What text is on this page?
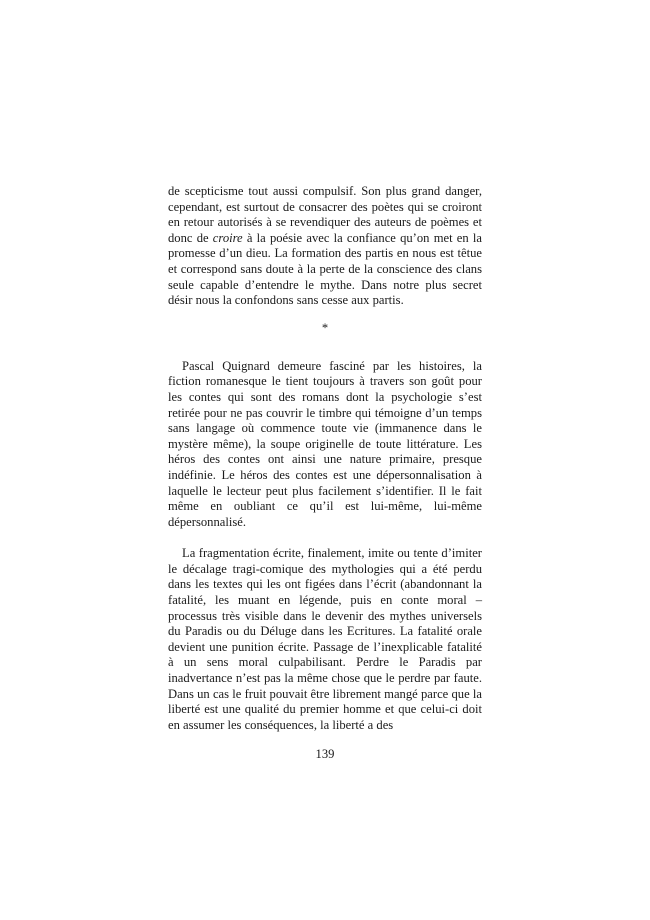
de scepticisme tout aussi compulsif. Son plus grand danger, cependant, est surtout de consacrer des poètes qui se croiront en retour autorisés à se revendiquer des auteurs de poèmes et donc de croire à la poésie avec la confiance qu’on met en la promesse d’un dieu. La formation des partis en nous est têtue et correspond sans doute à la perte de la conscience des clans seule capable d’entendre le mythe. Dans notre plus secret désir nous la confondons sans cesse aux partis.

*

Pascal Quignard demeure fasciné par les histoires, la fiction romanesque le tient toujours à travers son goût pour les contes qui sont des romans dont la psychologie s’est retirée pour ne pas couvrir le timbre qui témoigne d’un temps sans langage où commence toute vie (immanence dans le mystère même), la soupe originelle de toute littérature. Les héros des contes ont ainsi une nature primaire, presque indéfinie. Le héros des contes est une dépersonnalisation à laquelle le lecteur peut plus facilement s’identifier. Il le fait même en oubliant ce qu’il est lui-même, lui-même dépersonnalisé.

La fragmentation écrite, finalement, imite ou tente d’imiter le décalage tragi-comique des mythologies qui a été perdu dans les textes qui les ont figées dans l’écrit (abandonnant la fatalité, les muant en légende, puis en conte moral – processus très visible dans le devenir des mythes universels du Paradis ou du Déluge dans les Ecritures. La fatalité orale devient une punition écrite. Passage de l’inexplicable fatalité à un sens moral culpabilisant. Perdre le Paradis par inadvertance n’est pas la même chose que le perdre par faute. Dans un cas le fruit pouvait être librement mangé parce que la liberté est une qualité du premier homme et que celui-ci doit en assumer les conséquences, la liberté a des

139
